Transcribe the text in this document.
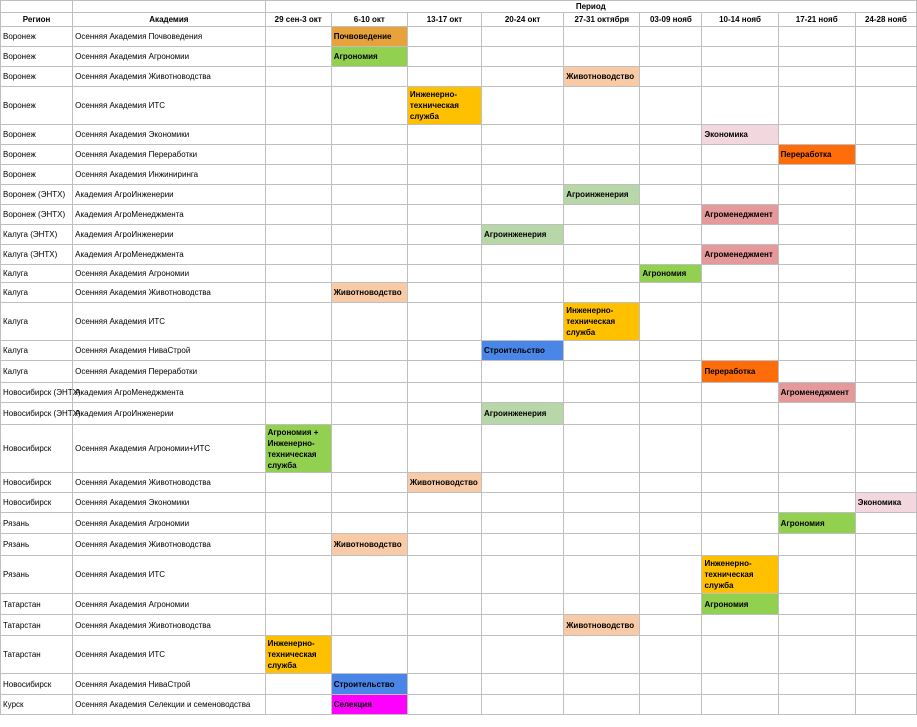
		Период								
Регион	Академия	29 сен-3 окт	6-10 окт	13-17 окт	20-24 окт	27-31 октября	03-09 нояб	10-14 нояб	17-21 нояб	24-28 нояб
Воронеж	Осенняя Академия Почвоведения		Почвоведение							

Воронеж	Осенняя Академия Агрономии		Агрономия							

Воронеж	Осенняя Академия Животноводства					Животноводство				

Воронеж	Осенняя Академия ИТС			Инженерно-техническая служба						

Воронеж	Осенняя Академия Экономики							Экономика		

Воронеж	Осенняя Академия Переработки								Переработка	

Воронеж	Осенняя Академия Инжиниринга									
Воронеж (ЭНТХ)	Академия АгроИнженерии					Агроинженерия				

Воронеж (ЭНТХ)	Академия АгроМенеджмента							Агроменеджмент		

Калуга (ЭНТХ)	Академия АгроИнженерии				Агроинженерия					

Калуга (ЭНТХ)	Академия АгроМенеджмента							Агроменеджмент		

Калуга	Осенняя Академия Агрономии						Агрономия			

Калуга	Осенняя Академия Животноводства		Животноводство							

Калуга	Осенняя Академия ИТС					Инженерно-техническая служба				

Калуга	Осенняя Академия НиваСтрой				Строительство					

Калуга	Осенняя Академия Переработки							Переработка		

Новосибирск (ЭНТХ)	Академия АгроМенеджмента								Агроменеджмент	

Новосибирск (ЭНТХ)	Академия АгроИнженерии				Агроинженерия					

Новосибирск	Осенняя Академия Агрономии+ИТС	Агрономия + Инженерно-техническая служба								

Новосибирск	Осенняя Академия Животноводства			Животноводство						

Новосибирск	Осенняя Академия Экономики									Экономика

Рязань	Осенняя Академия Агрономии								Агрономия	

Рязань	Осенняя Академия Животноводства		Животноводство							

Рязань	Осенняя Академия ИТС							Инженерно-техническая служба		

Татарстан	Осенняя Академия Агрономии							Агрономия		

Татарстан	Осенняя Академия Животноводства					Животноводство				

Татарстан	Осенняя Академия ИТС	Инженерно-техническая служба								

Новосибирск	Осенняя Академия НиваСтрой		Строительство							

Курск	Осенняя Академия Селекции и семеноводства		Селекция							
